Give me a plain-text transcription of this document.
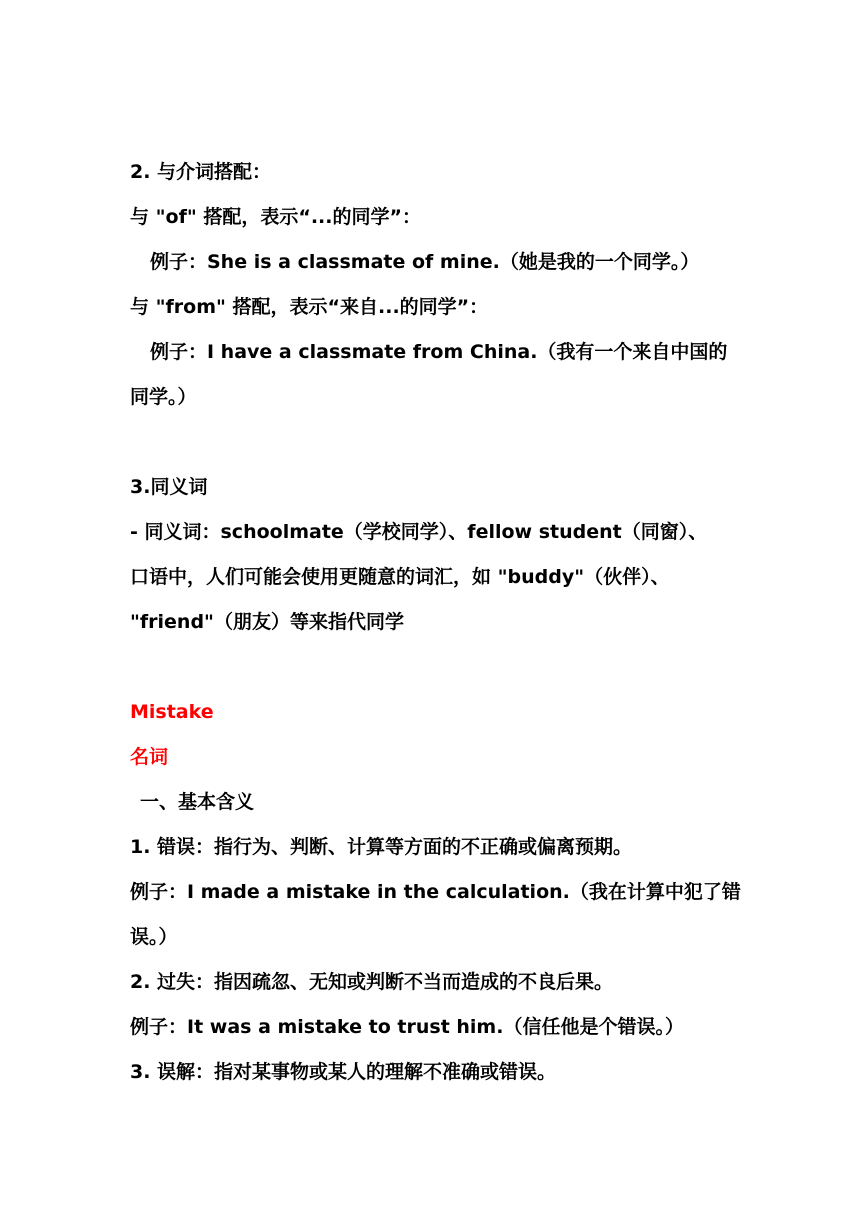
2. 与介词搭配：
与 "of" 搭配，表示“...的同学”：
例子：She is a classmate of mine.（她是我的一个同学。）
与 "from" 搭配，表示“来自...的同学”：
例子：I have a classmate from China.（我有一个来自中国的
同学。）
3.同义词
- 同义词：schoolmate（学校同学）、fellow student（同窗）、
口语中，人们可能会使用更随意的词汇，如 "buddy"（伙伴）、
"friend"（朋友）等来指代同学
Mistake
名词
一、基本含义
1. 错误：指行为、判断、计算等方面的不正确或偏离预期。
例子：I made a mistake in the calculation.（我在计算中犯了错
误。）
2. 过失：指因疏忽、无知或判断不当而造成的不良后果。
例子：It was a mistake to trust him.（信任他是个错误。）
3. 误解：指对某事物或某人的理解不准确或错误。
